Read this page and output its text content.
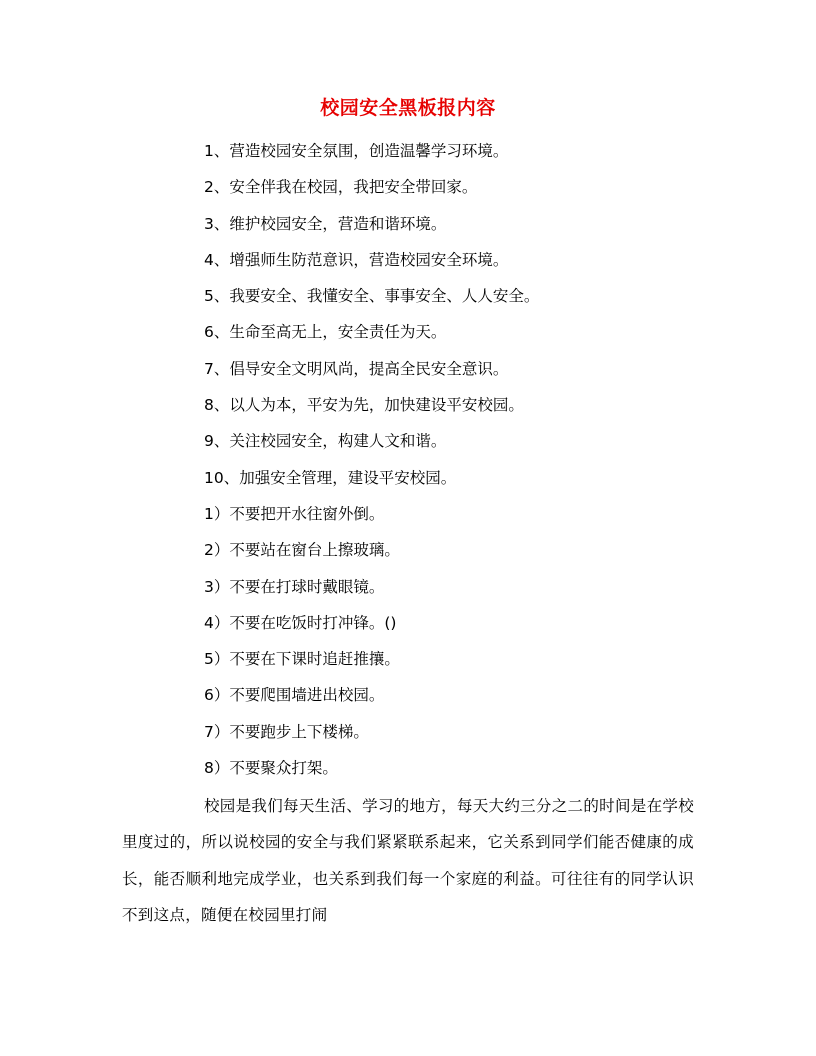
校园安全黑板报内容
1、营造校园安全氛围，创造温馨学习环境。
2、安全伴我在校园，我把安全带回家。
3、维护校园安全，营造和谐环境。
4、增强师生防范意识，营造校园安全环境。
5、我要安全、我懂安全、事事安全、人人安全。
6、生命至高无上，安全责任为天。
7、倡导安全文明风尚，提高全民安全意识。
8、以人为本，平安为先，加快建设平安校园。
9、关注校园安全，构建人文和谐。
10、加强安全管理，建设平安校园。
1）不要把开水往窗外倒。
2）不要站在窗台上擦玻璃。
3）不要在打球时戴眼镜。
4）不要在吃饭时打冲锋。()
5）不要在下课时追赶推攘。
6）不要爬围墙进出校园。
7）不要跑步上下楼梯。
8）不要聚众打架。

校园是我们每天生活、学习的地方，每天大约三分之二的时间是在学校里度过的，所以说校园的安全与我们紧紧联系起来，它关系到同学们能否健康的成长，能否顺利地完成学业，也关系到我们每一个家庭的利益。可往往有的同学认识不到这点，随便在校园里打闹
